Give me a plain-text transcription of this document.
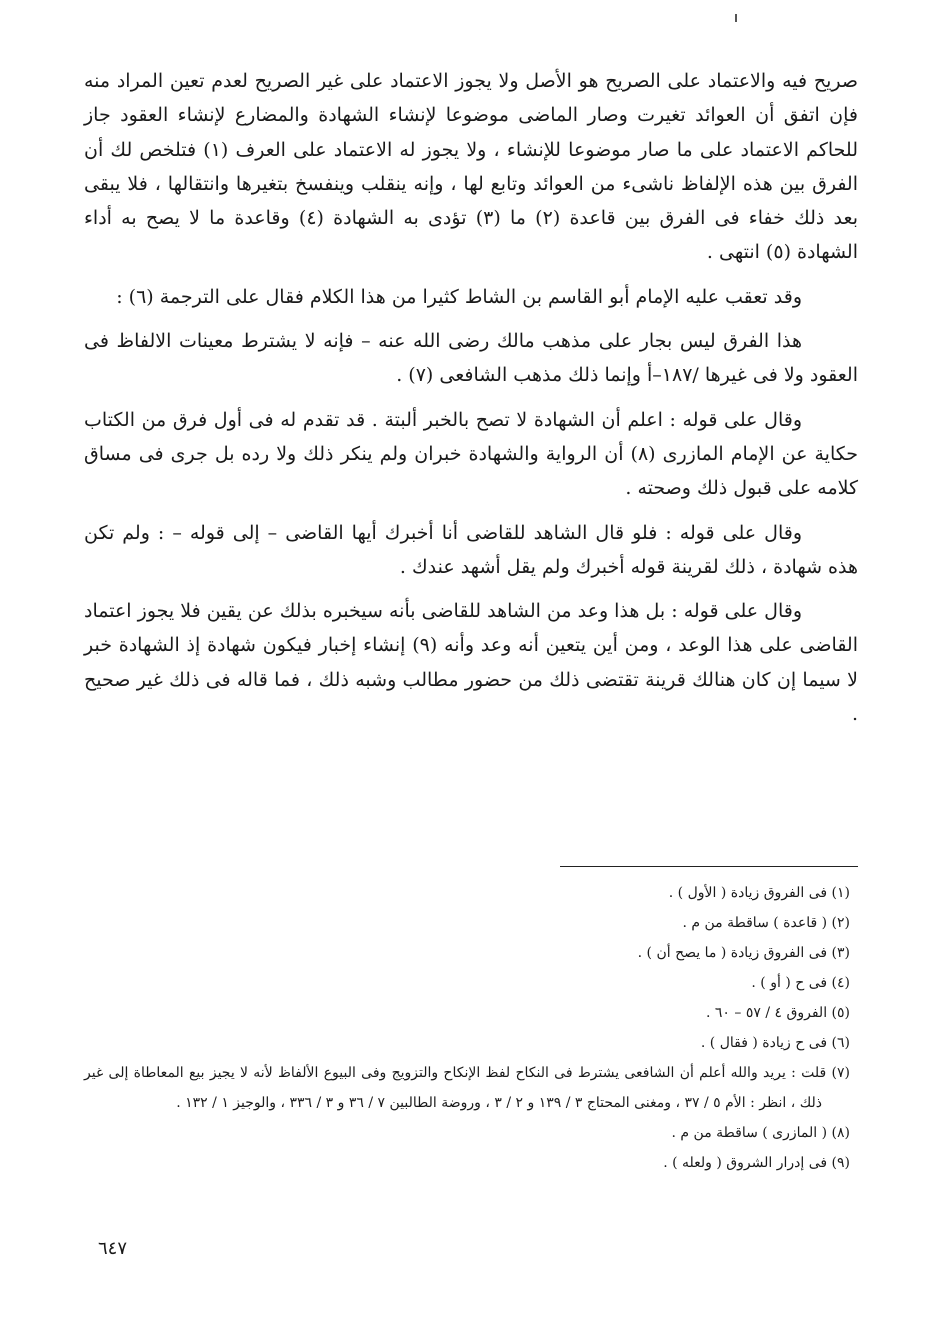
صريح فيه والاعتماد على الصريح هو الأصل ولا يجوز الاعتماد على غير الصريح لعدم تعين المراد منه فإن اتفق أن العوائد تغيرت وصار الماضى موضوعا لإنشاء الشهادة والمضارع لإنشاء العقود جاز للحاكم الاعتماد على ما صار موضوعا للإنشاء ، ولا يجوز له الاعتماد على العرف (١) فتلخص لك أن الفرق بين هذه الإلفاظ ناشىء من العوائد وتابع لها ، وإنه ينقلب وينفسخ بتغيرها وانتقالها ، فلا يبقى بعد ذلك خفاء فى الفرق بين قاعدة (٢) ما (٣) تؤدى به الشهادة (٤) وقاعدة ما لا يصح به أداء الشهادة (٥) انتهى .

وقد تعقب عليه الإمام أبو القاسم بن الشاط كثيرا من هذا الكلام فقال على الترجمة (٦) :

هذا الفرق ليس بجار على مذهب مالك رضى الله عنه – فإنه لا يشترط معينات الالفاظ فى العقود ولا فى غيرها /١٨٧–أ وإنما ذلك مذهب الشافعى (٧) .

وقال على قوله : اعلم أن الشهادة لا تصح بالخبر ألبتة . قد تقدم له فى أول فرق من الكتاب حكاية عن الإمام المازرى (٨) أن الرواية والشهادة خبران ولم ينكر ذلك ولا رده بل جرى فى مساق كلامه على قبول ذلك وصحته .

وقال على قوله : فلو قال الشاهد للقاضى أنا أخبرك أيها القاضى – إلى قوله – : ولم تكن هذه شهادة ، ذلك لقرينة قوله أخبرك ولم يقل أشهد عندك .

وقال على قوله : بل هذا وعد من الشاهد للقاضى بأنه سيخبره بذلك عن يقين فلا يجوز اعتماد القاضى على هذا الوعد ، ومن أين يتعين أنه وعد وأنه (٩) إنشاء إخبار فيكون شهادة إذ الشهادة خبر لا سيما إن كان هنالك قرينة تقتضى ذلك من حضور مطالب وشبه ذلك ، فما قاله فى ذلك غير صحيح .

(١) فى الفروق زيادة ( الأول ) .

(٢) ( قاعدة ) ساقطة من م .

(٣) فى الفروق زيادة ( ما يصح أن ) .

(٤) فى ح ( أو ) .

(٥) الفروق ٤ / ٥٧ – ٦٠ .

(٦) فى ح زيادة ( فقال ) .

(٧) قلت : يريد والله أعلم أن الشافعى يشترط فى النكاح لفظ الإنكاح والتزويج وفى البيوع الألفاظ لأنه لا يجيز بيع المعاطاة إلى غير ذلك ، انظر : الأم ٥ / ٣٧ ، ومغنى المحتاج ٣ / ١٣٩ و ٢ / ٣ ، وروضة الطالبين ٧ / ٣٦ و ٣ / ٣٣٦ ، والوجيز ١ / ١٣٢ .

(٨) ( المازرى ) ساقطة من م .

(٩) فى إدرار الشروق ( ولعله ) .

٦٤٧
